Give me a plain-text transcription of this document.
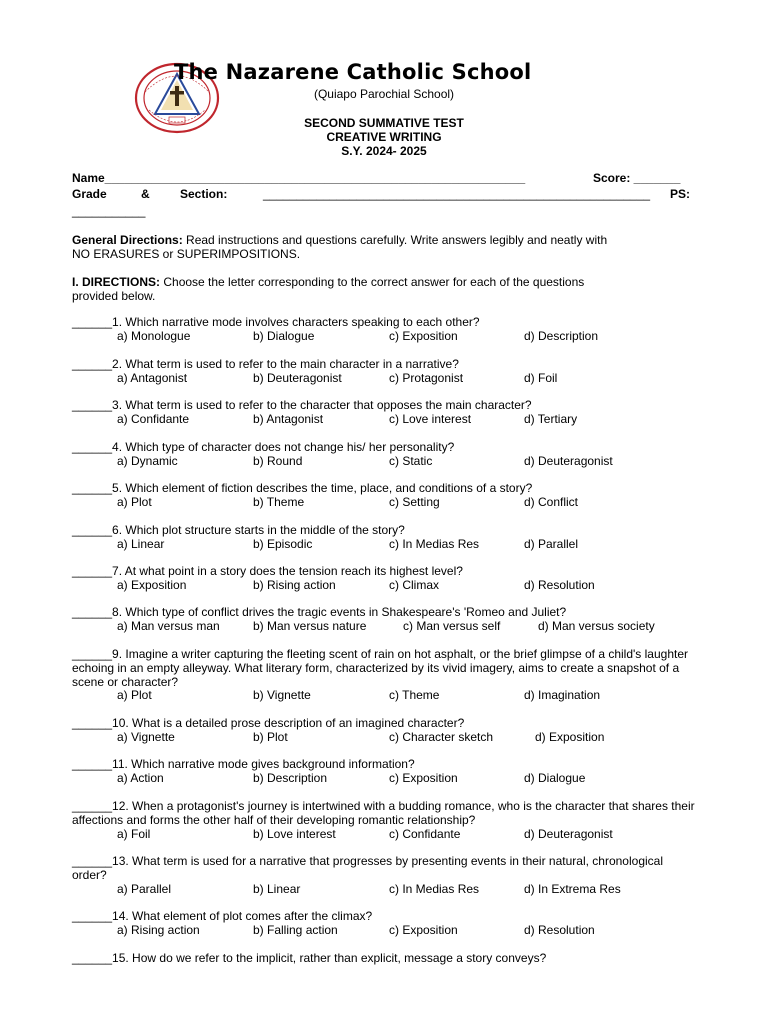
The Nazarene Catholic School
(Quiapo Parochial School)
SECOND SUMMATIVE TEST
CREATIVE WRITING
S.Y. 2024- 2025
Name_______________________________________________________________	Score: _______
Grade	&	Section:	__________________________________________________________ PS:
___________
General Directions: Read instructions and questions carefully. Write answers legibly and neatly with
NO ERASURES or SUPERIMPOSITIONS.
I. DIRECTIONS: Choose the letter corresponding to the correct answer for each of the questions
provided below.

______1. Which narrative mode involves characters speaking to each other?

a) Monologue	b) Dialogue	c) Exposition	d) Description

______2. What term is used to refer to the main character in a narrative?

a) Antagonist	b) Deuteragonist	c) Protagonist	d) Foil

______3. What term is used to refer to the character that opposes the main character?

a) Confidante	b) Antagonist	c) Love interest	d) Tertiary

______4. Which type of character does not change his/ her personality?

a) Dynamic	b) Round	c) Static	d) Deuteragonist

______5. Which element of fiction describes the time, place, and conditions of a story?

a) Plot	b) Theme	c) Setting	d) Conflict

______6. Which plot structure starts in the middle of the story?

a) Linear	b) Episodic	c) In Medias Res	d) Parallel

______7. At what point in a story does the tension reach its highest level?

a) Exposition	b) Rising action	c) Climax	d) Resolution

______8. Which type of conflict drives the tragic events in Shakespeare's 'Romeo and Juliet?

a) Man versus man	b) Man versus nature	c) Man versus self	d) Man versus society

______9. Imagine a writer capturing the fleeting scent of rain on hot asphalt, or the brief glimpse of a child's laughter echoing in an empty alleyway. What literary form, characterized by its vivid imagery, aims to create a snapshot of a scene or character?

a) Plot	b) Vignette	c) Theme	d) Imagination

______10. What is a detailed prose description of an imagined character?

a) Vignette	b) Plot	c) Character sketch	d) Exposition

______11. Which narrative mode gives background information?

a) Action	b) Description	c) Exposition	d) Dialogue

______12. When a protagonist's journey is intertwined with a budding romance, who is the character that shares their affections and forms the other half of their developing romantic relationship?

a) Foil	b) Love interest	c) Confidante	d) Deuteragonist

______13. What term is used for a narrative that progresses by presenting events in their natural, chronological order?

a) Parallel	b) Linear	c) In Medias Res	d) In Extrema Res

______14. What element of plot comes after the climax?

a) Rising action	b) Falling action	c) Exposition	d) Resolution

______15. How do we refer to the implicit, rather than explicit, message a story conveys?
